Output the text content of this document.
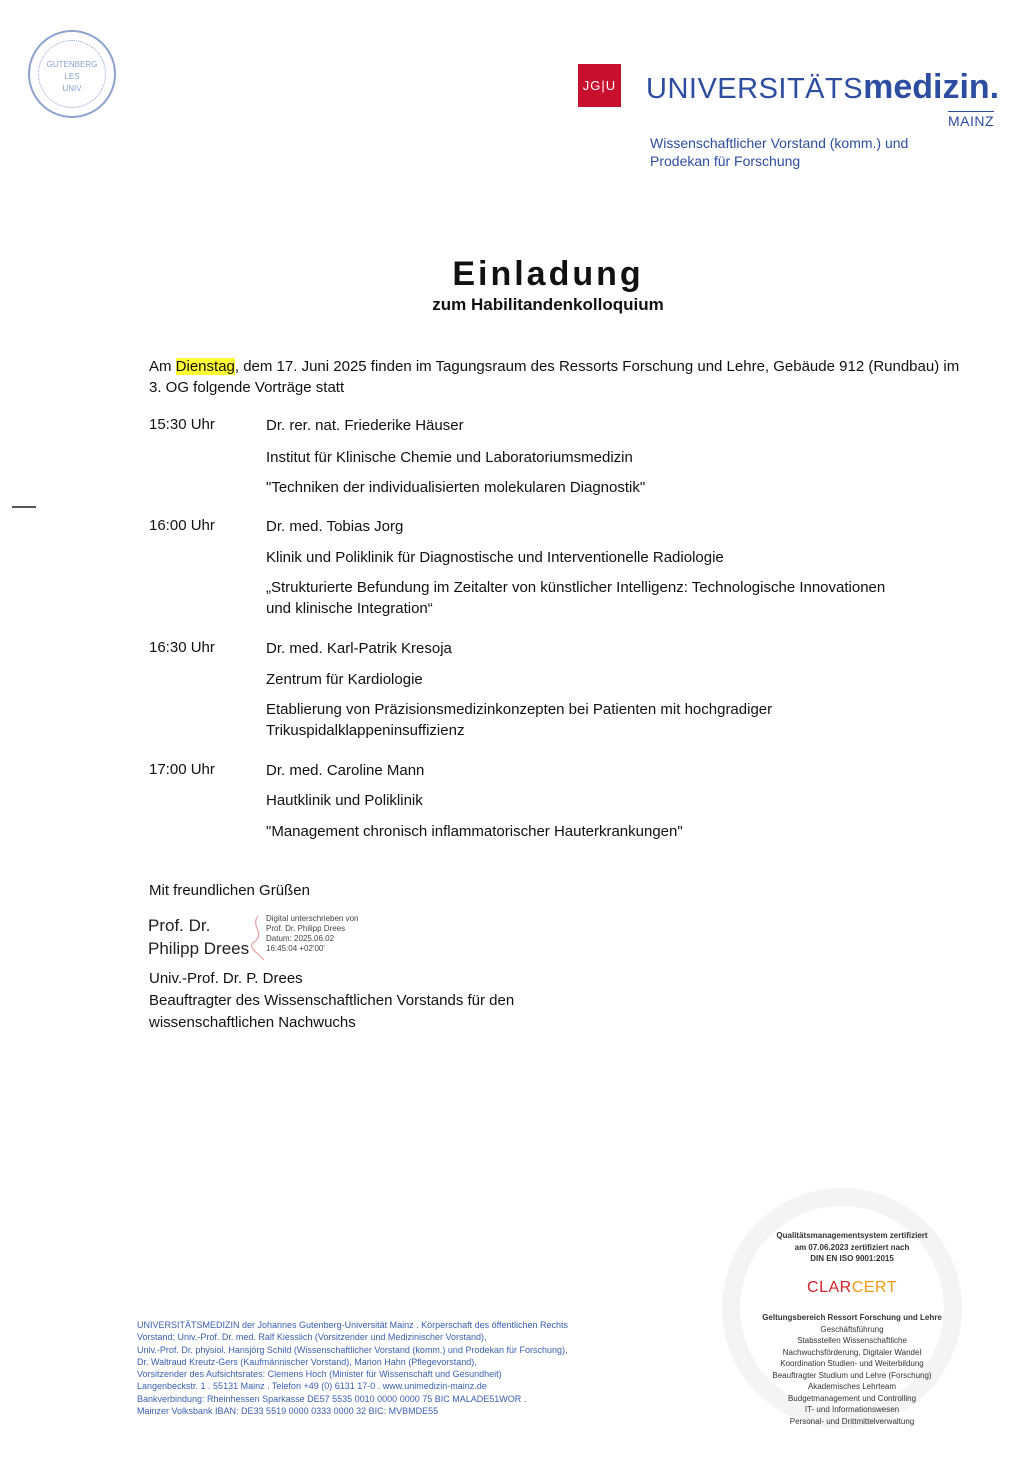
GUTENBERG
LES
UNIV	JG|U UNIVERSITÄTSmedizin.
MAINZ
Wissenschaftlicher Vorstand (komm.) und
Prodekan für Forschung
Einladung
zum Habilitandenkolloquium
Am Dienstag, dem 17. Juni 2025 finden im Tagungsraum des Ressorts Forschung und Lehre, Gebäude 912 (Rundbau) im 3. OG folgende Vorträge statt
15:30 Uhr	Dr. rer. nat. Friederike Häuser
Institut für Klinische Chemie und Laboratoriumsmedizin
"Techniken der individualisierten molekularen Diagnostik"
16:00 Uhr	Dr. med. Tobias Jorg
Klinik und Poliklinik für Diagnostische und Interventionelle Radiologie
„Strukturierte Befundung im Zeitalter von künstlicher Intelligenz: Technologische Innovationen und klinische Integration“
16:30 Uhr	Dr. med. Karl-Patrik Kresoja
Zentrum für Kardiologie
Etablierung von Präzisionsmedizinkonzepten bei Patienten mit hochgradiger Trikuspidalklappeninsuffizienz
17:00 Uhr	Dr. med. Caroline Mann
Hautklinik und Poliklinik
"Management chronisch inflammatorischer Hauterkrankungen"
Mit freundlichen Grüßen
Prof. Dr.
Philipp Drees
Digital unterschrieben von
Prof. Dr. Philipp Drees
Datum: 2025.06.02
16:45:04 +02'00'
Univ.-Prof. Dr. P. Drees
Beauftragter des Wissenschaftlichen Vorstands für den
wissenschaftlichen Nachwuchs
UNIVERSITÄTSMEDIZIN der Johannes Gutenberg-Universität Mainz . Körperschaft des öffentlichen Rechts
Vorstand: Univ.-Prof. Dr. med. Ralf Kiesslich (Vorsitzender und Medizinischer Vorstand),
Univ.-Prof. Dr. physiol. Hansjörg Schild (Wissenschaftlicher Vorstand (komm.) und Prodekan für Forschung),
Dr. Waltraud Kreutz-Gers (Kaufmännischer Vorstand), Marion Hahn (Pflegevorstand),
Vorsitzender des Aufsichtsrates: Clemens Hoch (Minister für Wissenschaft und Gesundheit)
Langenbeckstr. 1 . 55131 Mainz . Telefon +49 (0) 6131 17-0 . www.unimedizin-mainz.de
Bankverbindung: Rheinhessen Sparkasse DE57 5535 0010 0000 0000 75 BIC MALADE51WOR .
Mainzer Volksbank IBAN: DE33 5519 0000 0333 0000 32 BIC: MVBMDE55
Qualitätsmanagementsystem zertifiziert
am 07.06.2023 zertifiziert nach
DIN EN ISO 9001:2015
CLARCERT
Geltungsbereich Ressort Forschung und Lehre
Geschäftsführung
Stabsstellen Wissenschaftliche
Nachwuchsförderung, Digitaler Wandel
Koordination Studien- und Weiterbildung
Beauftragter Studium und Lehre (Forschung)
Akademisches Lehrteam
Budgetmanagement und Controlling
IT- und Informationswesen
Personal- und Drittmittelverwaltung
